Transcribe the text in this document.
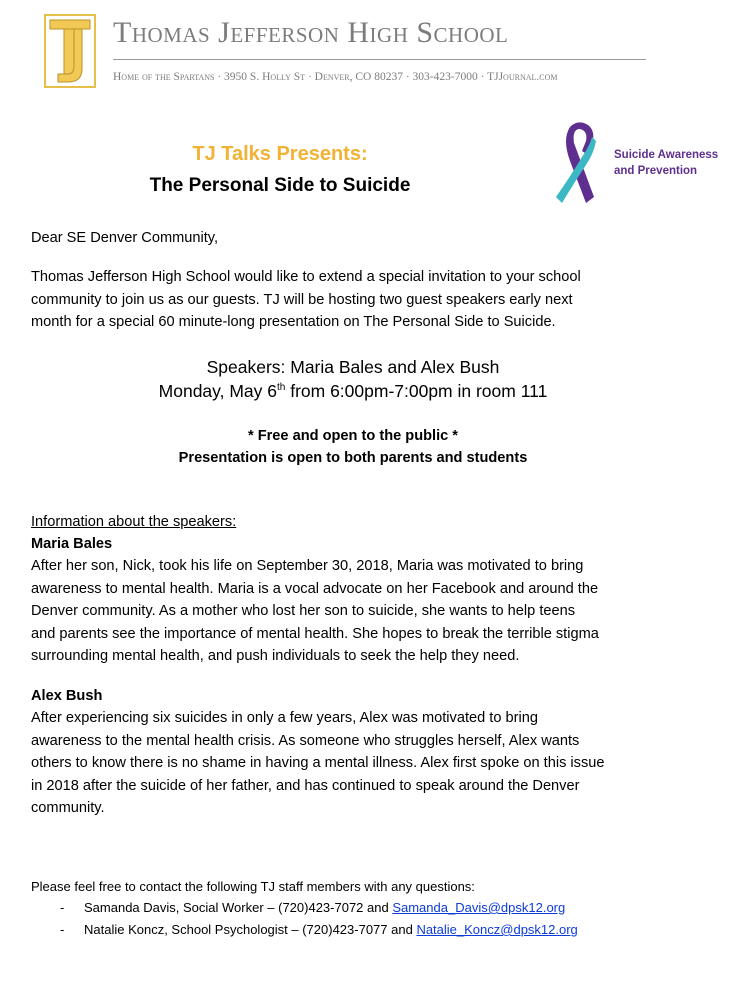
Thomas Jefferson High School
Home of the Spartans · 3950 S. Holly St · Denver, CO 80237 · 303-423-7000 · TJJournal.com
TJ Talks Presents:
The Personal Side to Suicide
Suicide Awareness
and Prevention
Dear SE Denver Community,
Thomas Jefferson High School would like to extend a special invitation to your school
community to join us as our guests. TJ will be hosting two guest speakers early next
month for a special 60 minute-long presentation on The Personal Side to Suicide.
Speakers: Maria Bales and Alex Bush
Monday, May 6th from 6:00pm-7:00pm in room 111
* Free and open to the public *
Presentation is open to both parents and students
Information about the speakers:
Maria Bales
After her son, Nick, took his life on September 30, 2018, Maria was motivated to bring
awareness to mental health. Maria is a vocal advocate on her Facebook and around the
Denver community. As a mother who lost her son to suicide, she wants to help teens
and parents see the importance of mental health. She hopes to break the terrible stigma
surrounding mental health, and push individuals to seek the help they need.
Alex Bush
After experiencing six suicides in only a few years, Alex was motivated to bring
awareness to the mental health crisis. As someone who struggles herself, Alex wants
others to know there is no shame in having a mental illness. Alex first spoke on this issue
in 2018 after the suicide of her father, and has continued to speak around the Denver
community.
Please feel free to contact the following TJ staff members with any questions:
- Samanda Davis, Social Worker – (720)423-7072 and Samanda_Davis@dpsk12.org
- Natalie Koncz, School Psychologist – (720)423-7077 and Natalie_Koncz@dpsk12.org
